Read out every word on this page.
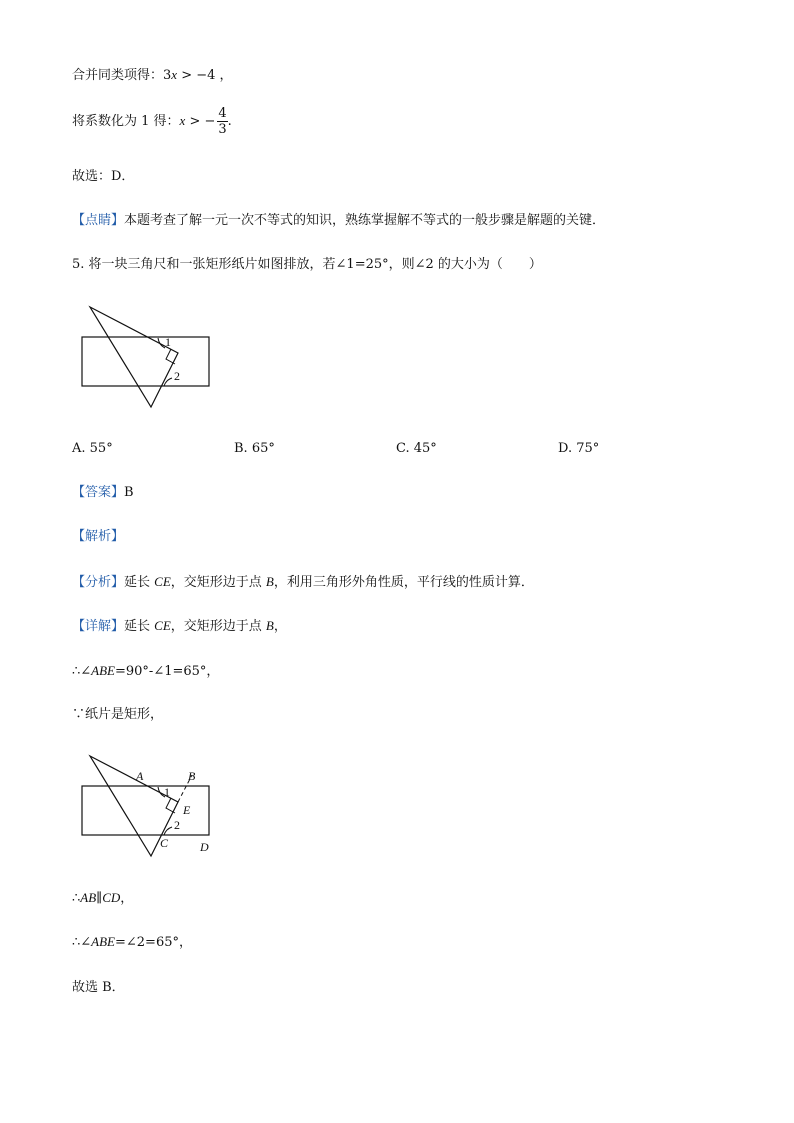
合并同类项得：3x > −4 ，
将系数化为 1 得：x > − $\frac{4}{3}$ .
故选：D．
【点睛】本题考查了解一元一次不等式的知识，熟练掌握解不等式的一般步骤是解题的关键．
5. 将一块三角尺和一张矩形纸片如图排放，若∠1=25°，则∠2 的大小为（　　）
1
2
A. 55°	B. 65°	C. 45°	D. 75°
【答案】B
【解析】
【分析】延长 CE，交矩形边于点 B，利用三角形外角性质，平行线的性质计算．
【详解】延长 CE，交矩形边于点 B，
∴∠ABE=90°-∠1=65°，
∵纸片是矩形，
A	B
1
E
2
C	D
∴AB∥CD，
∴∠ABE=∠2=65°，
故选 B．
